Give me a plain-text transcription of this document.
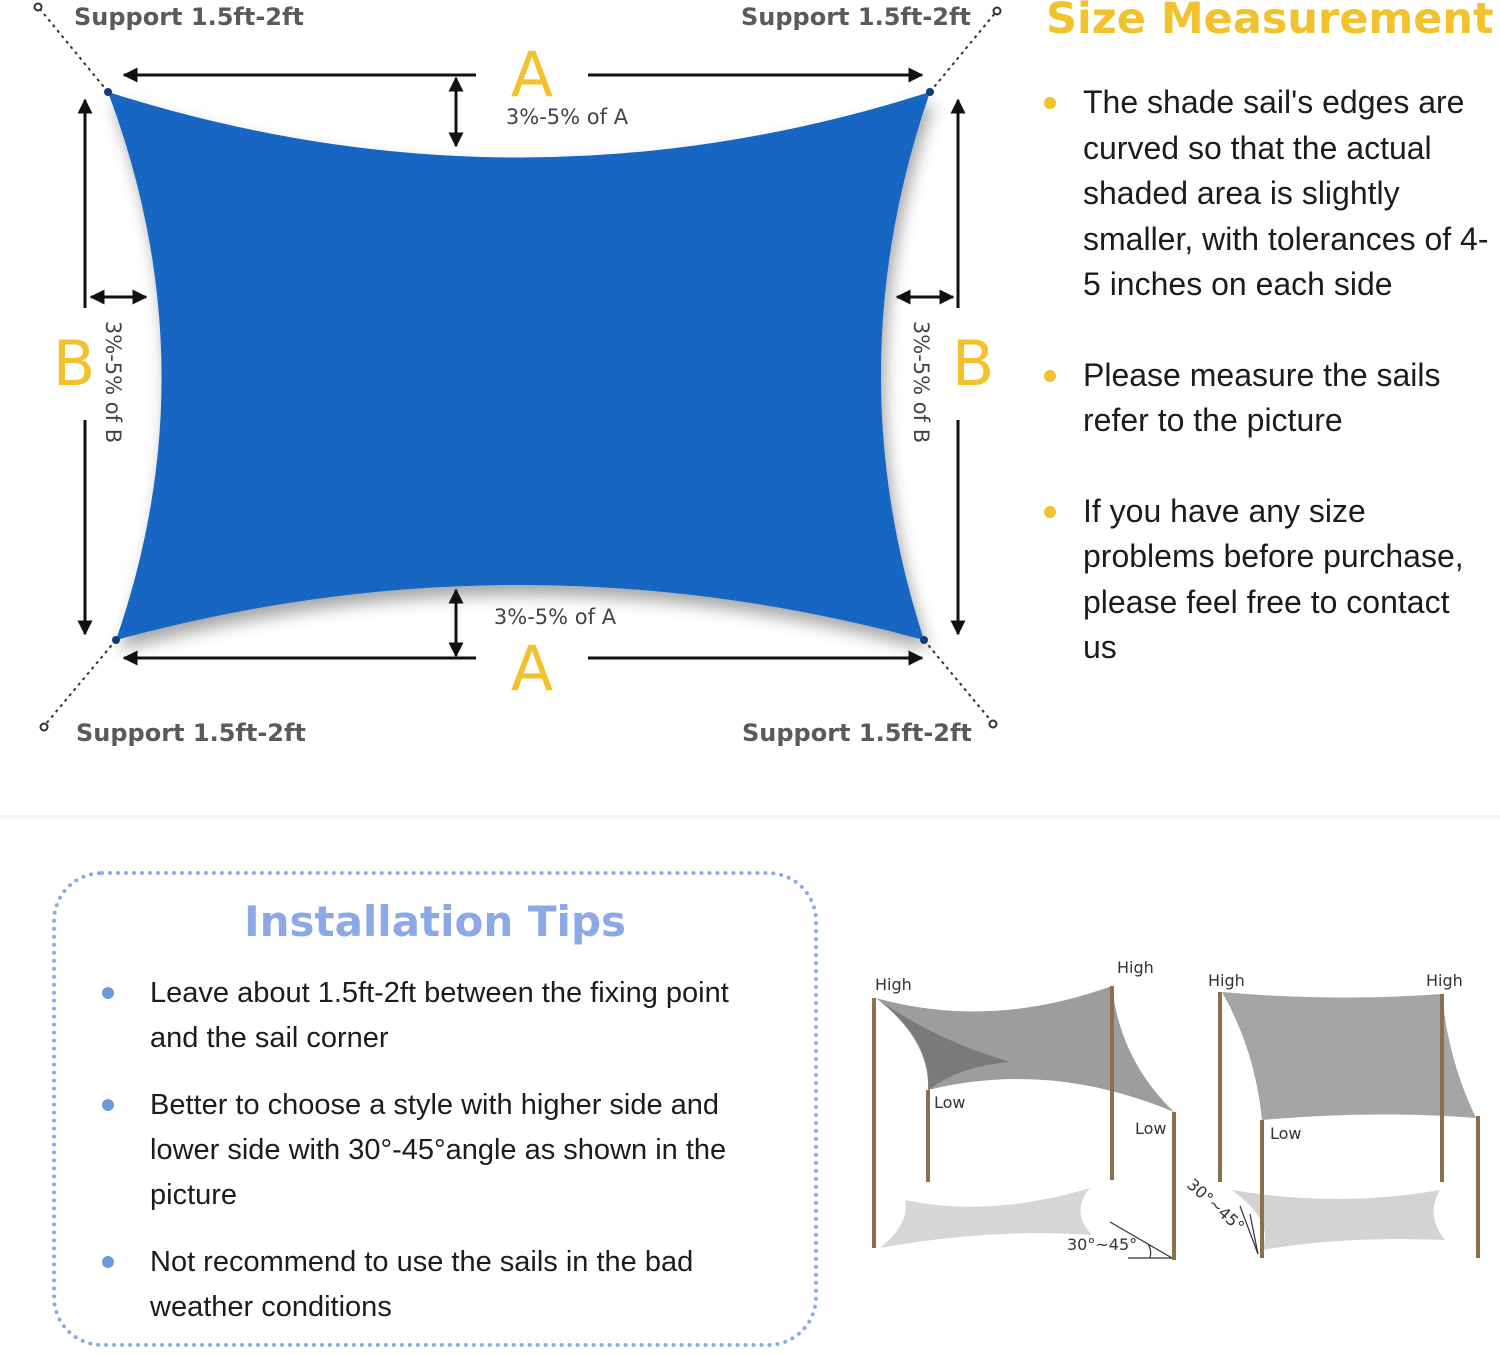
A
A
B	B
3%-5% of A
3%-5% of A
3%-5% of B	3%-5% of B
Support 1.5ft-2ft	Support 1.5ft-2ft
Support 1.5ft-2ft	Support 1.5ft-2ft
High
High
Low
Low
30°~45°
High	High
Low
30°~45°
Size Measurement
The shade sail's edges are curved so that the actual shaded area is slightly smaller, with tolerances of 4-5 inches on each side
Please measure the sails refer to the picture
If you have any size problems before purchase, please feel free to contact us
Installation Tips
Leave about 1.5ft-2ft between the fixing point and the sail corner
Better to choose a style with higher side and lower side with 30°-45°angle as shown in the picture
Not recommend to use the sails in the bad weather conditions
